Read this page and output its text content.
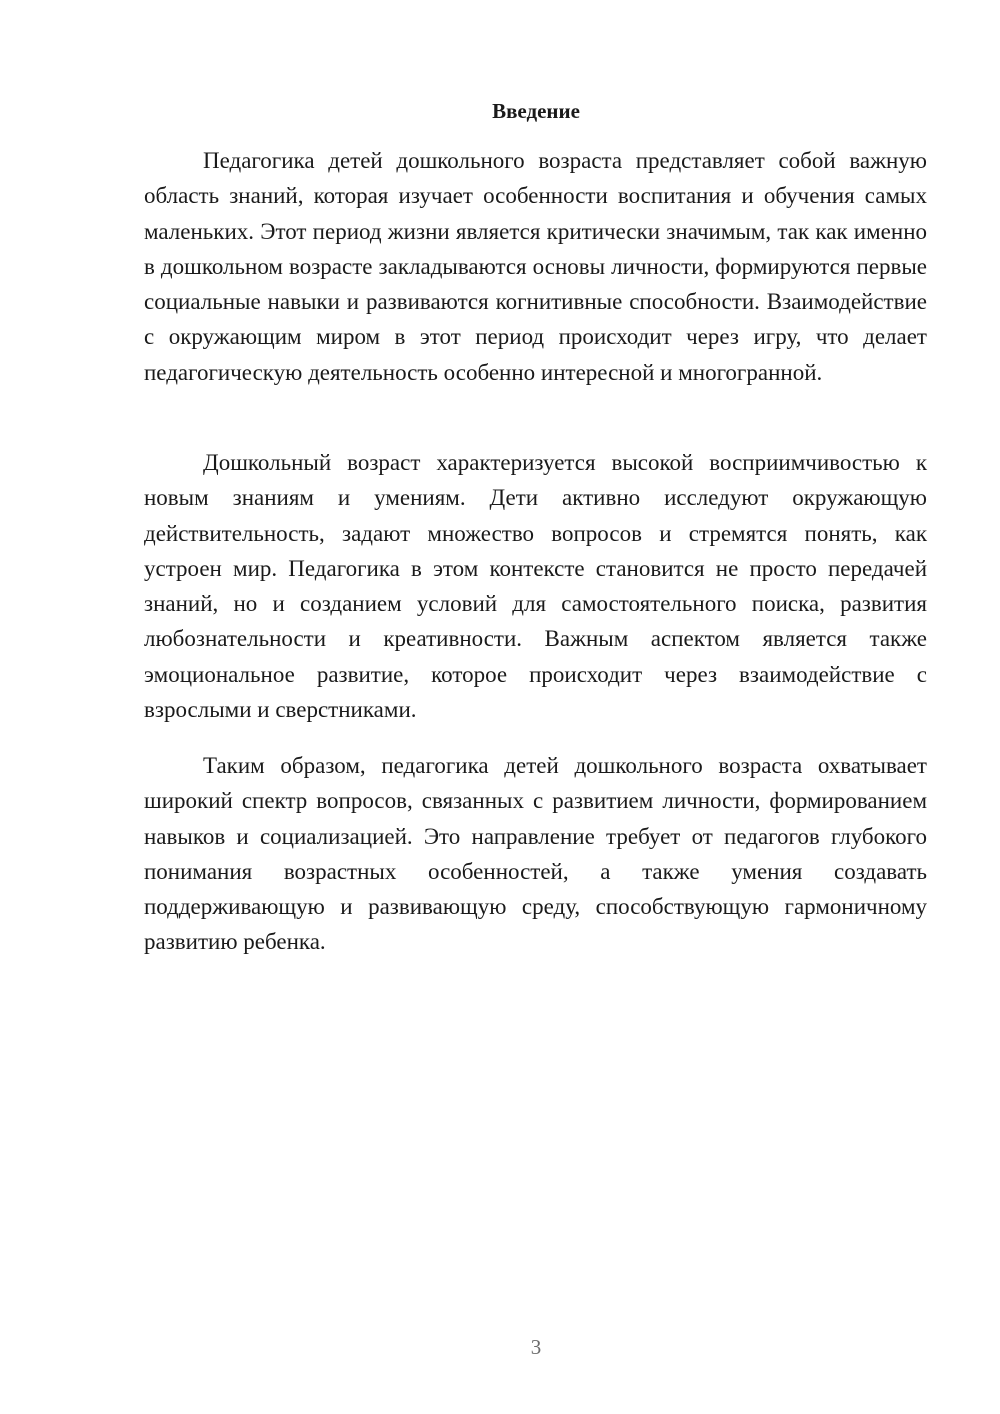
Введение

Педагогика детей дошкольного возраста представляет собой важную область знаний, которая изучает особенности воспитания и обучения самых маленьких. Этот период жизни является критически значимым, так как именно в дошкольном возрасте закладываются основы личности, формируются первые социальные навыки и развиваются когнитивные способности. Взаимодействие с окружающим миром в этот период происходит через игру, что делает педагогическую деятельность особенно интересной и многогранной.

Дошкольный возраст характеризуется высокой восприимчивостью к новым знаниям и умениям. Дети активно исследуют окружающую действительность, задают множество вопросов и стремятся понять, как устроен мир. Педагогика в этом контексте становится не просто передачей знаний, но и созданием условий для самостоятельного поиска, развития любознательности и креативности. Важным аспектом является также эмоциональное развитие, которое происходит через взаимодействие с взрослыми и сверстниками.

Таким образом, педагогика детей дошкольного возраста охватывает широкий спектр вопросов, связанных с развитием личности, формированием навыков и социализацией. Это направление требует от педагогов глубокого понимания возрастных особенностей, а также умения создавать поддерживающую и развивающую среду, способствующую гармоничному развитию ребенка.

3
